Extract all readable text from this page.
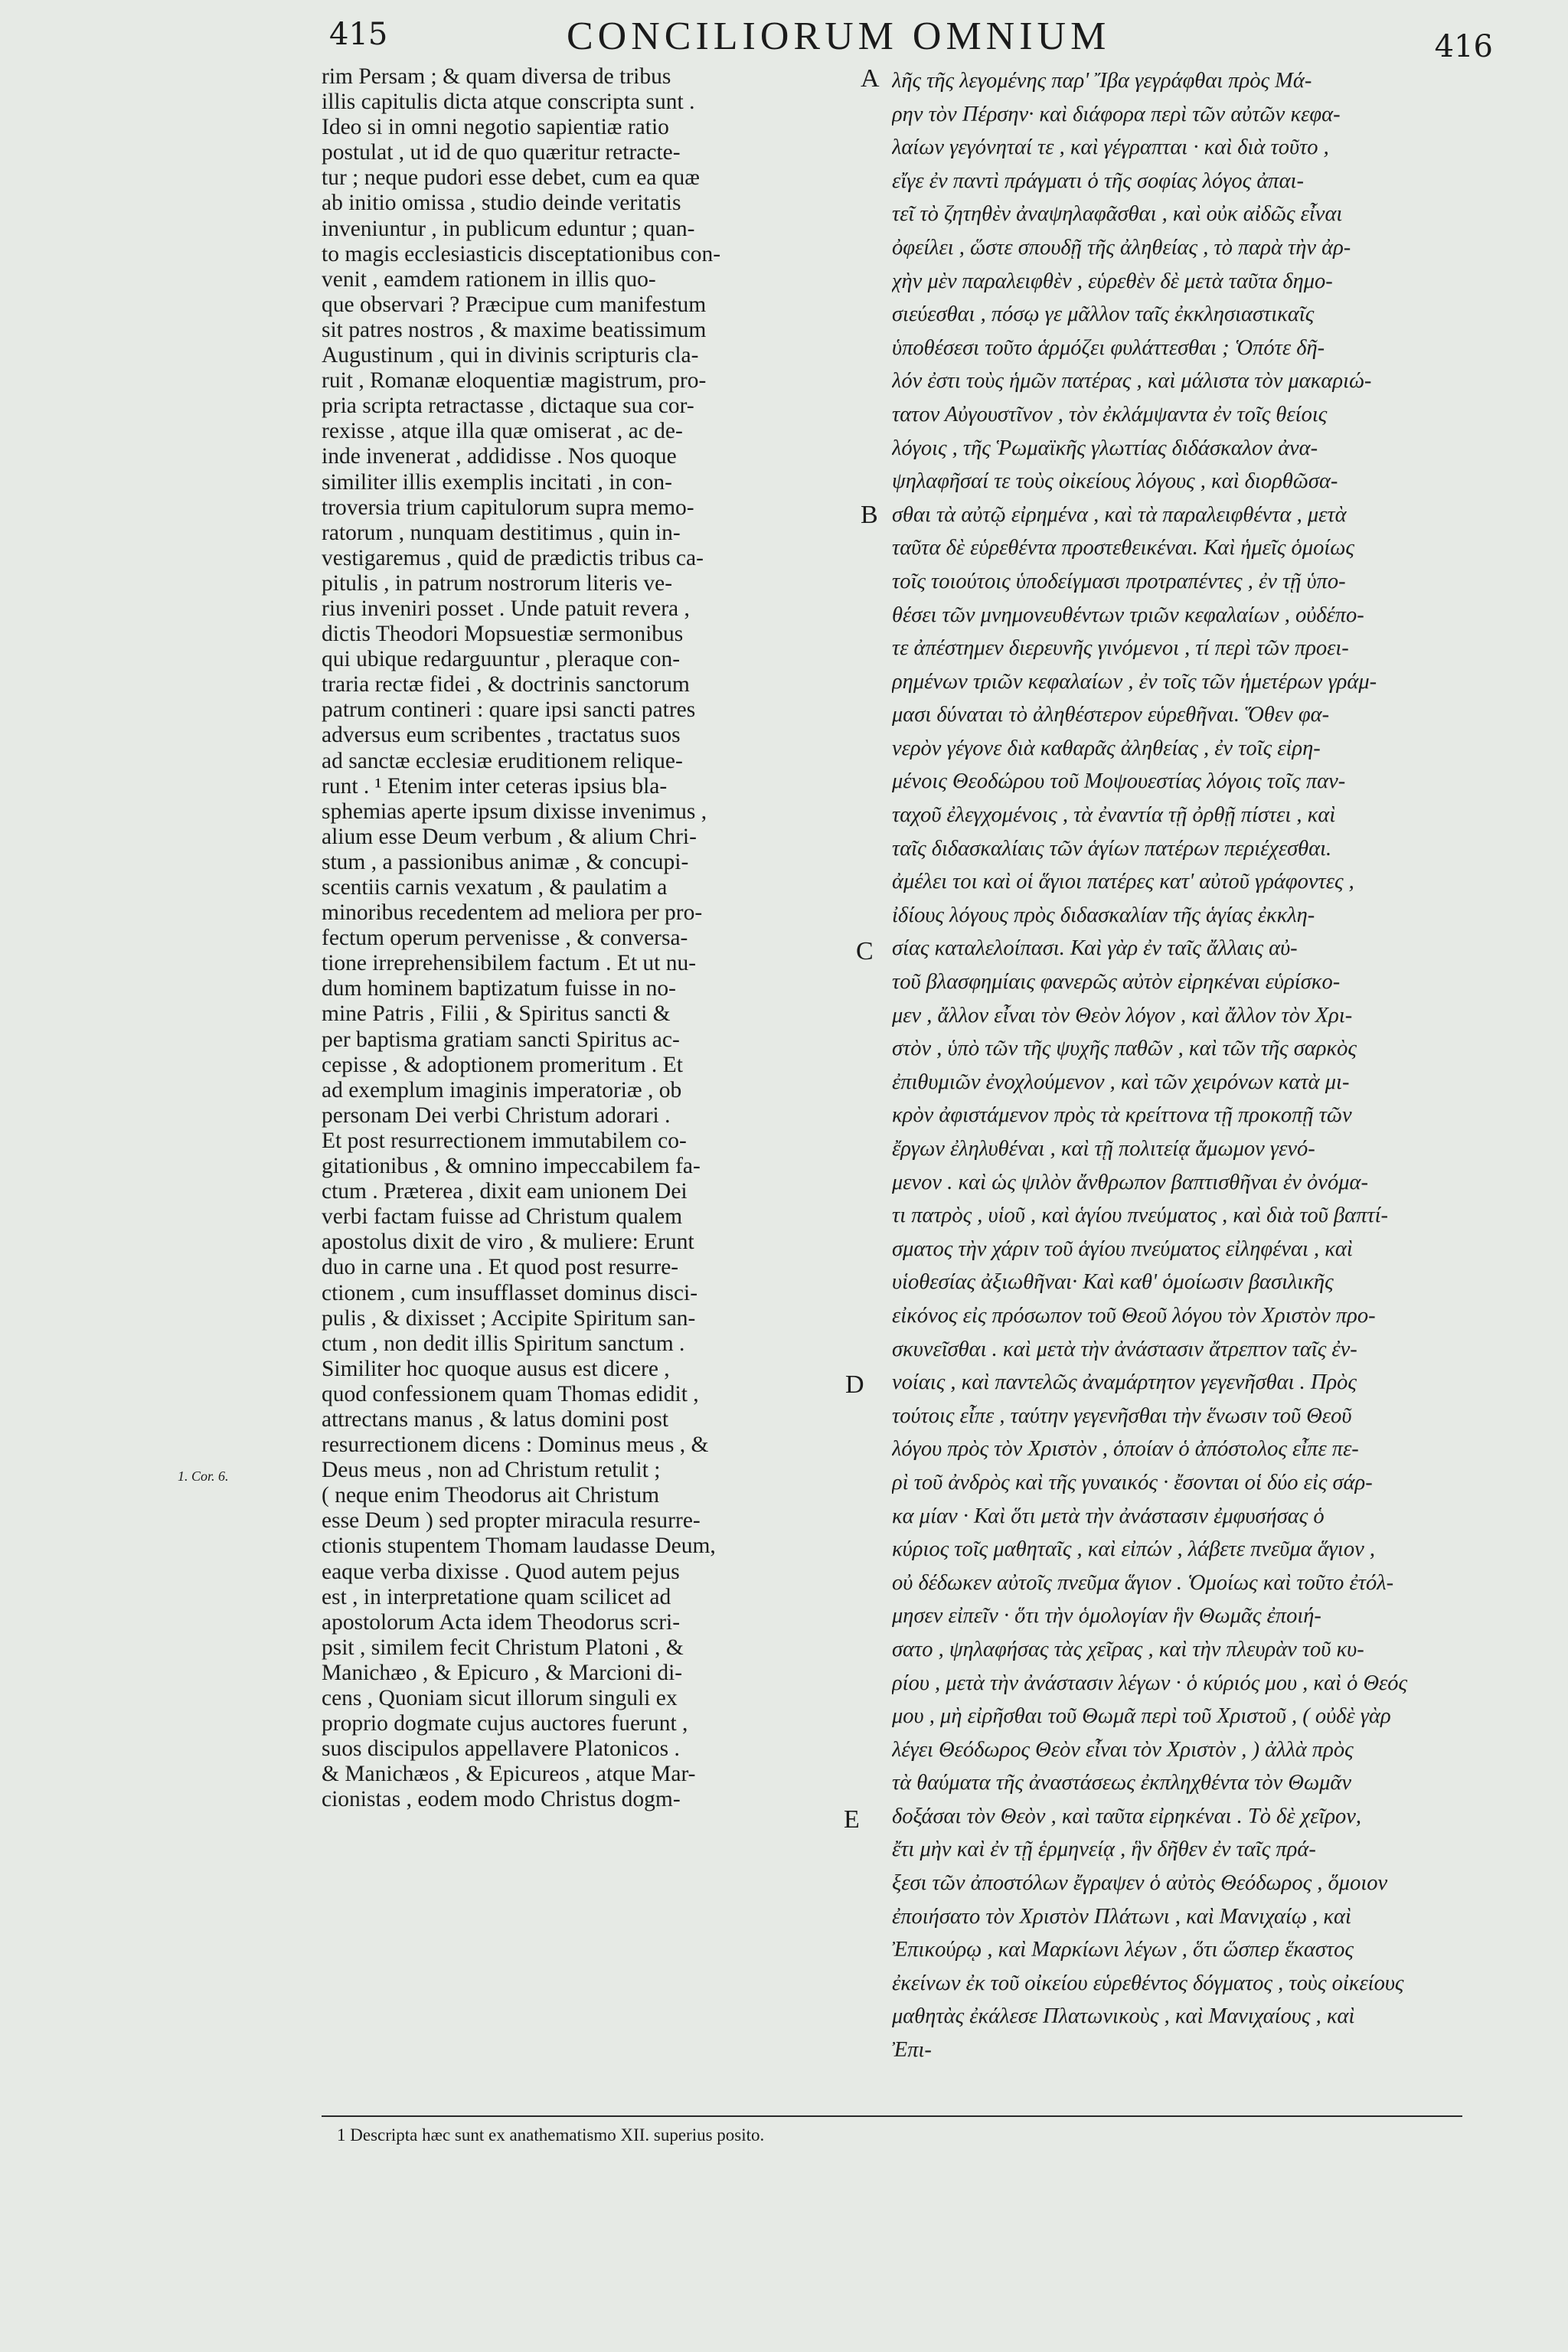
415	CONCILIORUM OMNIUM	416
rim Persam ; & quam diversa de tribus
illis capitulis dicta atque conscripta sunt .
Ideo si in omni negotio sapientiæ ratio
postulat , ut id de quo quæritur retracte-
tur ; neque pudori esse debet, cum ea quæ
ab initio omissa , studio deinde veritatis
inveniuntur , in publicum eduntur ; quan-
to magis ecclesiasticis disceptationibus con-
venit , eamdem rationem in illis quo-
que observari ? Præcipue cum manifestum
sit patres nostros , & maxime beatissimum
Augustinum , qui in divinis scripturis cla-
ruit , Romanæ eloquentiæ magistrum, pro-
pria scripta retractasse , dictaque sua cor-
rexisse , atque illa quæ omiserat , ac de-
inde invenerat , addidisse . Nos quoque
similiter illis exemplis incitati , in con-
troversia trium capitulorum supra memo-
ratorum , nunquam destitimus , quin in-
vestigaremus , quid de prædictis tribus ca-
pitulis , in patrum nostrorum literis ve-
rius inveniri posset . Unde patuit revera ,
dictis Theodori Mopsuestiæ sermonibus
qui ubique redarguuntur , pleraque con-
traria rectæ fidei , & doctrinis sanctorum
patrum contineri : quare ipsi sancti patres
adversus eum scribentes , tractatus suos
ad sanctæ ecclesiæ eruditionem relique-
runt . ¹ Etenim inter ceteras ipsius bla-
sphemias aperte ipsum dixisse invenimus ,
alium esse Deum verbum , & alium Chri-
stum , a passionibus animæ , & concupi-
scentiis carnis vexatum , & paulatim a
minoribus recedentem ad meliora per pro-
fectum operum pervenisse , & conversa-
tione irreprehensibilem factum . Et ut nu-
dum hominem baptizatum fuisse in no-
mine Patris , Filii , & Spiritus sancti &
per baptisma gratiam sancti Spiritus ac-
cepisse , & adoptionem promeritum . Et
ad exemplum imaginis imperatoriæ , ob
personam Dei verbi Christum adorari .
Et post resurrectionem immutabilem co-
gitationibus , & omnino impeccabilem fa-
ctum . Præterea , dixit eam unionem Dei
verbi factam fuisse ad Christum qualem
apostolus dixit de viro , & muliere: Erunt
duo in carne una . Et quod post resurre-
ctionem , cum insufflasset dominus disci-
pulis , & dixisset ; Accipite Spiritum san-
ctum , non dedit illis Spiritum sanctum .
Similiter hoc quoque ausus est dicere ,
quod confessionem quam Thomas edidit ,
attrectans manus , & latus domini post
resurrectionem dicens : Dominus meus , &
Deus meus , non ad Christum retulit ;
( neque enim Theodorus ait Christum
esse Deum ) sed propter miracula resurre-
ctionis stupentem Thomam laudasse Deum,
eaque verba dixisse . Quod autem pejus
est , in interpretatione quam scilicet ad
apostolorum Acta idem Theodorus scri-
psit , similem fecit Christum Platoni , &
Manichæo , & Epicuro , & Marcioni di-
cens , Quoniam sicut illorum singuli ex
proprio dogmate cujus auctores fuerunt ,
suos discipulos appellavere Platonicos .
& Manichæos , & Epicureos , atque Mar-
cionistas , eodem modo Christus dogm-
λῆς τῆς λεγομένης παρ' Ἴβα γεγράφθαι πρὸς Μά-
ρην τὸν Πέρσην· καὶ διάφορα περὶ τῶν αὐτῶν κεφα-
λαίων γεγόνηταί τε , καὶ γέγραπται · καὶ διὰ τοῦτο ,
εἴγε ἐν παντὶ πράγματι ὁ τῆς σοφίας λόγος ἀπαι-
τεῖ τὸ ζητηθὲν ἀναψηλαφᾶσθαι , καὶ οὐκ αἰδῶς εἶναι
ὀφείλει , ὥστε σπουδῇ τῆς ἀληθείας , τὸ παρὰ τὴν ἀρ-
χὴν μὲν παραλειφθὲν , εὑρεθὲν δὲ μετὰ ταῦτα δημο-
σιεύεσθαι , πόσῳ γε μᾶλλον ταῖς ἐκκλησιαστικαῖς
ὑποθέσεσι τοῦτο ἁρμόζει φυλάττεσθαι ; Ὁπότε δῆ-
λόν ἐστι τοὺς ἡμῶν πατέρας , καὶ μάλιστα τὸν μακαριώ-
τατον Αὐγουστῖνον , τὸν ἐκλάμψαντα ἐν τοῖς θείοις
λόγοις , τῆς Ῥωμαϊκῆς γλωττίας διδάσκαλον ἀνα-
ψηλαφῆσαί τε τοὺς οἰκείους λόγους , καὶ διορθῶσα-
σθαι τὰ αὐτῷ εἰρημένα , καὶ τὰ παραλειφθέντα , μετὰ
ταῦτα δὲ εὑρεθέντα προστεθεικέναι. Καὶ ἡμεῖς ὁμοίως
τοῖς τοιούτοις ὑποδείγμασι προτραπέντες , ἐν τῇ ὑπο-
θέσει τῶν μνημονευθέντων τριῶν κεφαλαίων , οὐδέπο-
τε ἀπέστημεν διερευνῆς γινόμενοι , τί περὶ τῶν προει-
ρημένων τριῶν κεφαλαίων , ἐν τοῖς τῶν ἡμετέρων γράμ-
μασι δύναται τὸ ἀληθέστερον εὑρεθῆναι. Ὅθεν φα-
νερὸν γέγονε διὰ καθαρᾶς ἀληθείας , ἐν τοῖς εἰρη-
μένοις Θεοδώρου τοῦ Μοψουεστίας λόγοις τοῖς παν-
ταχοῦ ἐλεγχομένοις , τὰ ἐναντία τῇ ὀρθῇ πίστει , καὶ
ταῖς διδασκαλίαις τῶν ἁγίων πατέρων περιέχεσθαι.
ἀμέλει τοι καὶ οἱ ἅγιοι πατέρες κατ' αὐτοῦ γράφοντες ,
ἰδίους λόγους πρὸς διδασκαλίαν τῆς ἁγίας ἐκκλη-
σίας καταλελοίπασι. Καὶ γὰρ ἐν ταῖς ἄλλαις αὐ-
τοῦ βλασφημίαις φανερῶς αὐτὸν εἰρηκέναι εὑρίσκο-
μεν , ἄλλον εἶναι τὸν Θεὸν λόγον , καὶ ἄλλον τὸν Χρι-
στὸν , ὑπὸ τῶν τῆς ψυχῆς παθῶν , καὶ τῶν τῆς σαρκὸς
ἐπιθυμιῶν ἐνοχλούμενον , καὶ τῶν χειρόνων κατὰ μι-
κρὸν ἀφιστάμενον πρὸς τὰ κρείττονα τῇ προκοπῇ τῶν
ἔργων ἐληλυθέναι , καὶ τῇ πολιτείᾳ ἄμωμον γενό-
μενον . καὶ ὡς ψιλὸν ἄνθρωπον βαπτισθῆναι ἐν ὀνόμα-
τι πατρὸς , υἱοῦ , καὶ ἁγίου πνεύματος , καὶ διὰ τοῦ βαπτί-
σματος τὴν χάριν τοῦ ἁγίου πνεύματος εἰληφέναι , καὶ
υἱοθεσίας ἀξιωθῆναι· Καὶ καθ' ὁμοίωσιν βασιλικῆς
εἰκόνος εἰς πρόσωπον τοῦ Θεοῦ λόγου τὸν Χριστὸν προ-
σκυνεῖσθαι . καὶ μετὰ τὴν ἀνάστασιν ἄτρεπτον ταῖς ἐν-
νοίαις , καὶ παντελῶς ἀναμάρτητον γεγενῆσθαι . Πρὸς
τούτοις εἶπε , ταύτην γεγενῆσθαι τὴν ἕνωσιν τοῦ Θεοῦ
λόγου πρὸς τὸν Χριστὸν , ὁποίαν ὁ ἀπόστολος εἶπε πε-
ρὶ τοῦ ἀνδρὸς καὶ τῆς γυναικός · ἔσονται οἱ δύο εἰς σάρ-
κα μίαν · Καὶ ὅτι μετὰ τὴν ἀνάστασιν ἐμφυσήσας ὁ
κύριος τοῖς μαθηταῖς , καὶ εἰπών , λάβετε πνεῦμα ἅγιον ,
οὐ δέδωκεν αὐτοῖς πνεῦμα ἅγιον . Ὁμοίως καὶ τοῦτο ἐτόλ-
μησεν εἰπεῖν · ὅτι τὴν ὁμολογίαν ἣν Θωμᾶς ἐποιή-
σατο , ψηλαφήσας τὰς χεῖρας , καὶ τὴν πλευρὰν τοῦ κυ-
ρίου , μετὰ τὴν ἀνάστασιν λέγων · ὁ κύριός μου , καὶ ὁ Θεός
μου , μὴ εἰρῆσθαι τοῦ Θωμᾶ περὶ τοῦ Χριστοῦ , ( οὐδὲ γὰρ
λέγει Θεόδωρος Θεὸν εἶναι τὸν Χριστὸν , ) ἀλλὰ πρὸς
τὰ θαύματα τῆς ἀναστάσεως ἐκπληχθέντα τὸν Θωμᾶν
δοξάσαι τὸν Θεὸν , καὶ ταῦτα εἰρηκέναι . Τὸ δὲ χεῖρον,
ἔτι μὴν καὶ ἐν τῇ ἑρμηνείᾳ , ἣν δῆθεν ἐν ταῖς πρά-
ξεσι τῶν ἀποστόλων ἔγραψεν ὁ αὐτὸς Θεόδωρος , ὅμοιον
ἐποιήσατο τὸν Χριστὸν Πλάτωνι , καὶ Μανιχαίῳ , καὶ
Ἐπικούρῳ , καὶ Μαρκίωνι λέγων , ὅτι ὥσπερ ἕκαστος
ἐκείνων ἐκ τοῦ οἰκείου εὑρεθέντος δόγματος , τοὺς οἰκείους
μαθητὰς ἐκάλεσε Πλατωνικοὺς , καὶ Μανιχαίους , καὶ
Ἐπι-
A
B
C
D
E
1. Cor. 6.
1 Descripta hæc sunt ex anathematismo XII. superius posito.
